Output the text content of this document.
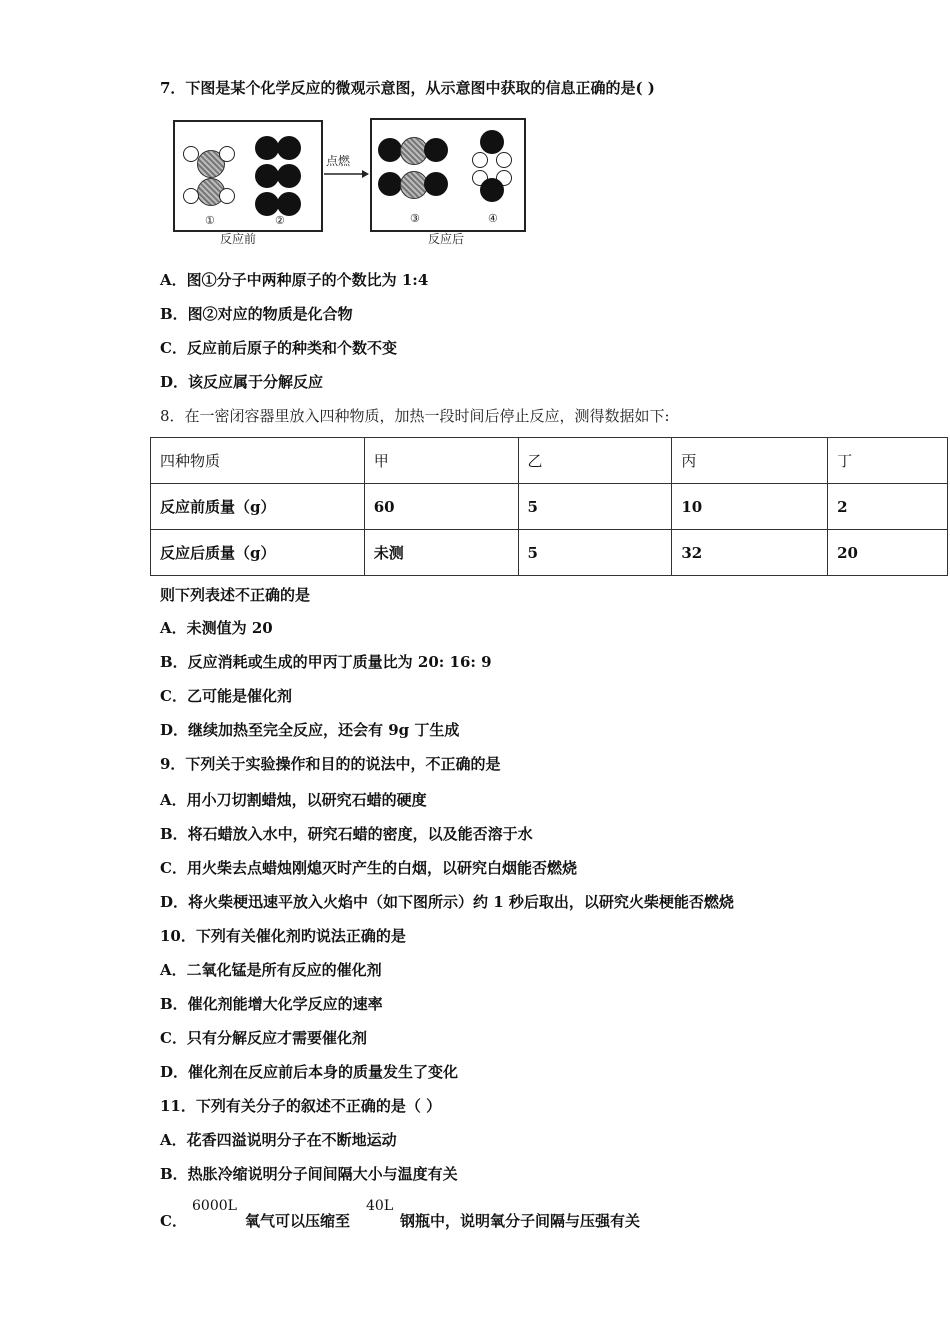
7．下图是某个化学反应的微观示意图，从示意图中获取的信息正确的是( )
①	②
反应前
点燃
③	④
反应后
A．图①分子中两种原子的个数比为 1:4
B．图②对应的物质是化合物
C．反应前后原子的种类和个数不变
D．该反应属于分解反应
8．在一密闭容器里放入四种物质，加热一段时间后停止反应，测得数据如下:
四种物质	甲	乙	丙	丁
反应前质量（g）	60	5	10	2
反应后质量（g）	未测	5	32	20
则下列表述不正确的是
A．未测值为 20
B．反应消耗或生成的甲丙丁质量比为 20: 16: 9
C．乙可能是催化剂
D．继续加热至完全反应，还会有 9g 丁生成
9．下列关于实验操作和目的的说法中，不正确的是
A．用小刀切割蜡烛，以研究石蜡的硬度
B．将石蜡放入水中，研究石蜡的密度，以及能否溶于水
C．用火柴去点蜡烛刚熄灭时产生的白烟，以研究白烟能否燃烧
D．将火柴梗迅速平放入火焰中（如下图所示）约 1 秒后取出，以研究火柴梗能否燃烧
10．下列有关催化剂旳说法正确的是
A．二氧化锰是所有反应的催化剂
B．催化剂能增大化学反应的速率
C．只有分解反应才需要催化剂
D．催化剂在反应前后本身的质量发生了变化
11．下列有关分子的叙述不正确的是（ ）
A．花香四溢说明分子在不断地运动
B．热胀冷缩说明分子间间隔大小与温度有关
C．
6000L
氧气可以压缩至
40L
钢瓶中，说明氧分子间隔与压强有关
